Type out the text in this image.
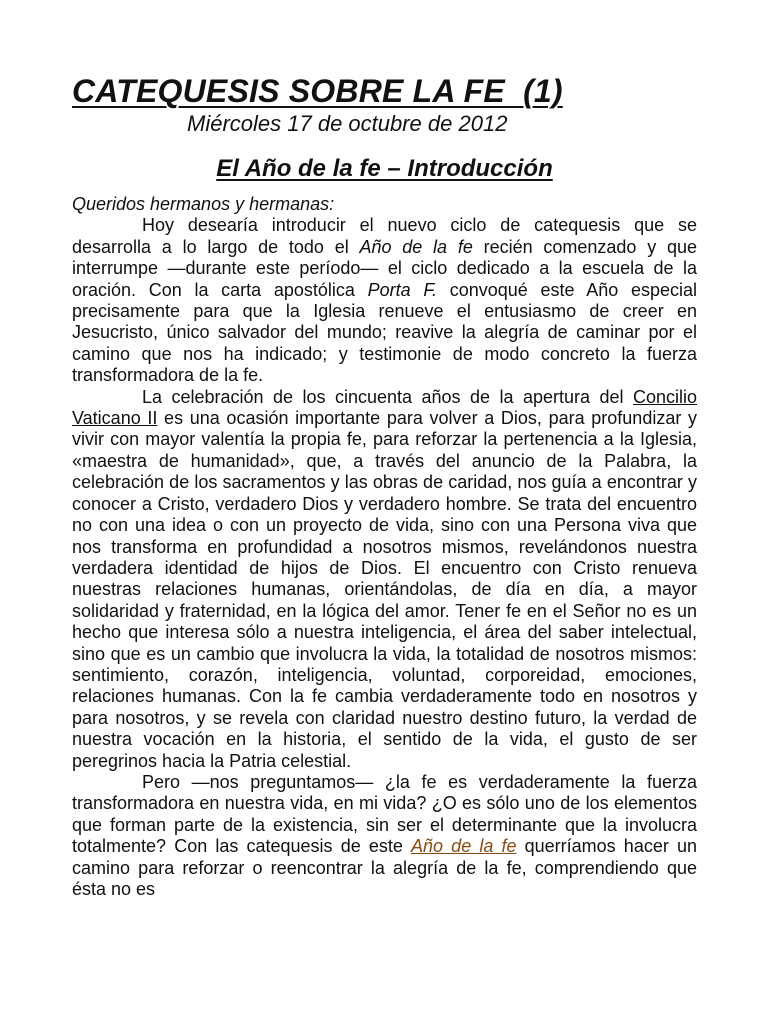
CATEQUESIS SOBRE LA FE  (1)

Miércoles 17 de octubre de 2012

El Año de la fe – Introducción

Queridos hermanos y hermanas:

Hoy desearía introducir el nuevo ciclo de catequesis que se desarrolla a lo largo de todo el Año de la fe recién comenzado y que interrumpe —durante este período— el ciclo dedicado a la escuela de la oración. Con la carta apostólica Porta F. convoqué este Año especial precisamente para que la Iglesia renueve el entusiasmo de creer en Jesucristo, único salvador del mundo; reavive la alegría de caminar por el camino que nos ha indicado; y testimonie de modo concreto la fuerza transformadora de la fe.

La celebración de los cincuenta años de la apertura del Concilio Vaticano II es una ocasión importante para volver a Dios, para profundizar y vivir con mayor valentía la propia fe, para reforzar la pertenencia a la Iglesia, «maestra de humanidad», que, a través del anuncio de la Palabra, la celebración de los sacramentos y las obras de caridad, nos guía a encontrar y conocer a Cristo, verdadero Dios y verdadero hombre. Se trata del encuentro no con una idea o con un proyecto de vida, sino con una Persona viva que nos transforma en profundidad a nosotros mismos, revelándonos nuestra verdadera identidad de hijos de Dios. El encuentro con Cristo renueva nuestras relaciones humanas, orientándolas, de día en día, a mayor solidaridad y fraternidad, en la lógica del amor. Tener fe en el Señor no es un hecho que interesa sólo a nuestra inteligencia, el área del saber intelectual, sino que es un cambio que involucra la vida, la totalidad de nosotros mismos: sentimiento, corazón, inteligencia, voluntad, corporeidad, emociones, relaciones humanas. Con la fe cambia verdaderamente todo en nosotros y para nosotros, y se revela con claridad nuestro destino futuro, la verdad de nuestra vocación en la historia, el sentido de la vida, el gusto de ser peregrinos hacia la Patria celestial.

Pero —nos preguntamos— ¿la fe es verdaderamente la fuerza transformadora en nuestra vida, en mi vida? ¿O es sólo uno de los elementos que forman parte de la existencia, sin ser el determinante que la involucra totalmente? Con las catequesis de este Año de la fe querríamos hacer un camino para reforzar o reencontrar la alegría de la fe, comprendiendo que ésta no es
